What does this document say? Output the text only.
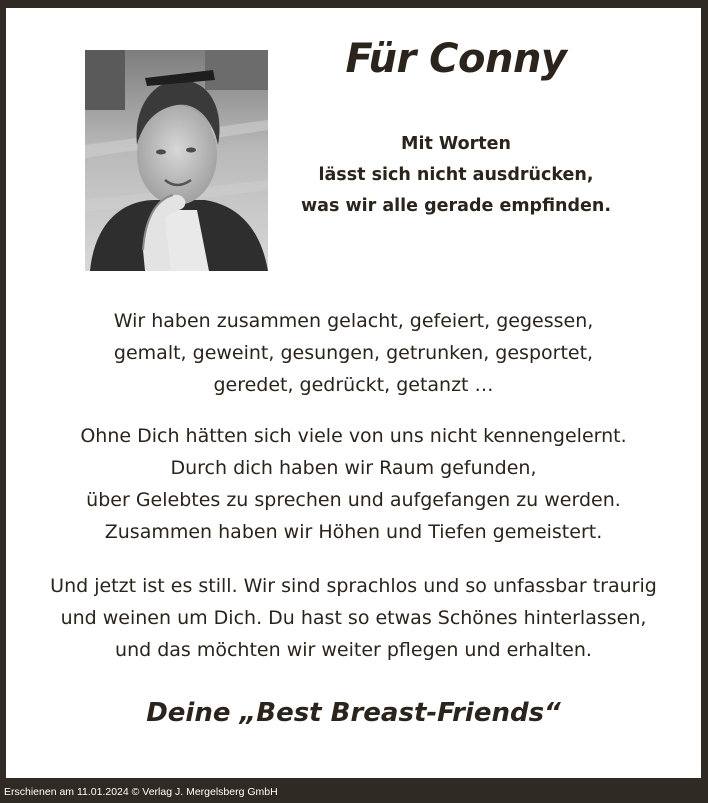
Für Conny
Mit Worten
lässt sich nicht ausdrücken,
was wir alle gerade empfinden.
Wir haben zusammen gelacht, gefeiert, gegessen,
gemalt, geweint, gesungen, getrunken, gesportet,
geredet, gedrückt, getanzt …
Ohne Dich hätten sich viele von uns nicht kennengelernt.
Durch dich haben wir Raum gefunden,
über Gelebtes zu sprechen und aufgefangen zu werden.
Zusammen haben wir Höhen und Tiefen gemeistert.
Und jetzt ist es still. Wir sind sprachlos und so unfassbar traurig
und weinen um Dich. Du hast so etwas Schönes hinterlassen,
und das möchten wir weiter pflegen und erhalten.
Deine „Best Breast-Friends“
Erschienen am 11.01.2024 © Verlag J. Mergelsberg GmbH
